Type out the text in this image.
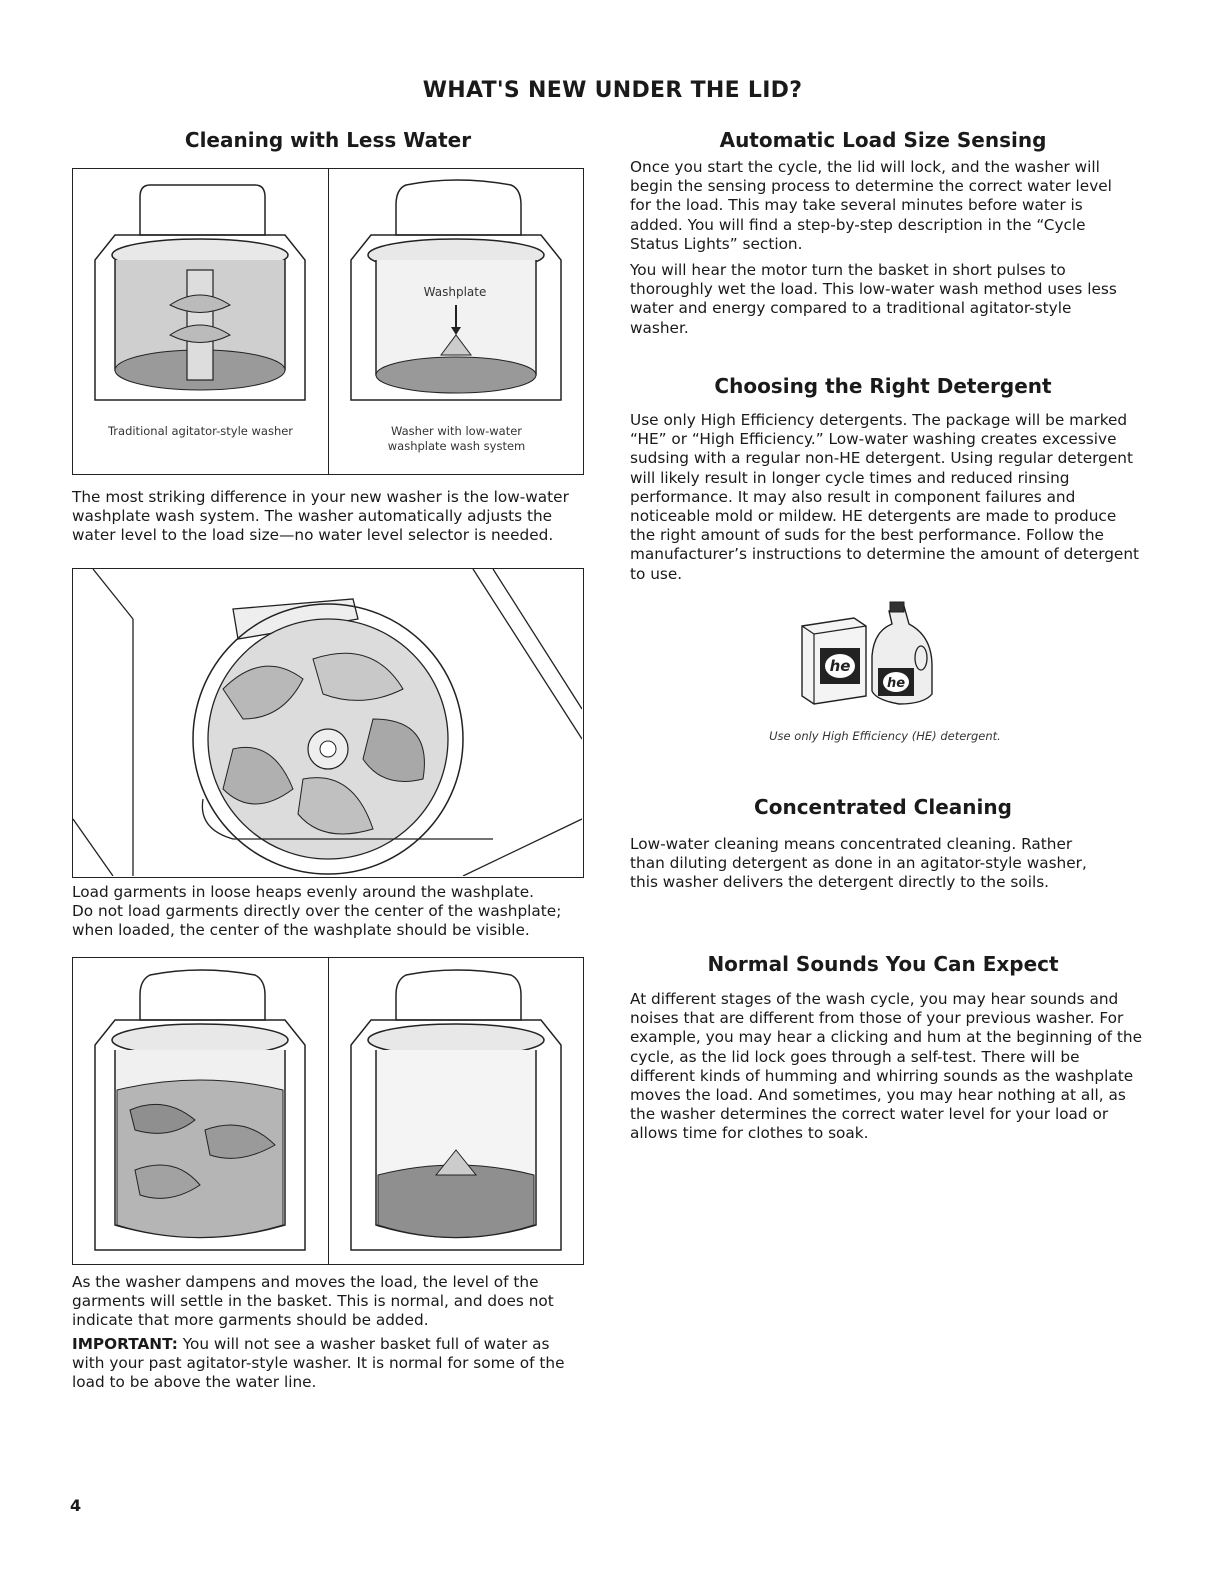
WHAT'S NEW UNDER THE LID?
Cleaning with Less Water
Washplate
Traditional agitator-style washer	Washer with low-water
washplate wash system

The most striking difference in your new washer is the low-water washplate wash system. The washer automatically adjusts the water level to the load size—no water level selector is needed.

Load garments in loose heaps evenly around the washplate.
Do not load garments directly over the center of the washplate; when loaded, the center of the washplate should be visible.

As the washer dampens and moves the load, the level of the garments will settle in the basket. This is normal, and does not indicate that more garments should be added.

IMPORTANT: You will not see a washer basket full of water as with your past agitator-style washer. It is normal for some of the load to be above the water line.

Automatic Load Size Sensing

Once you start the cycle, the lid will lock, and the washer will begin the sensing process to determine the correct water level for the load. This may take several minutes before water is added. You will find a step-by-step description in the “Cycle Status Lights” section.

You will hear the motor turn the basket in short pulses to thoroughly wet the load. This low-water wash method uses less water and energy compared to a traditional agitator-style washer.

Choosing the Right Detergent

Use only High Efficiency detergents. The package will be marked “HE” or “High Efficiency.” Low-water washing creates excessive sudsing with a regular non-HE detergent. Using regular detergent will likely result in longer cycle times and reduced rinsing performance. It may also result in component failures and noticeable mold or mildew. HE detergents are made to produce the right amount of suds for the best performance. Follow the manufacturer’s instructions to determine the amount of detergent to use.

he
he
Use only High Efficiency (HE) detergent.
Concentrated Cleaning

Low-water cleaning means concentrated cleaning. Rather than diluting detergent as done in an agitator-style washer, this washer delivers the detergent directly to the soils.

Normal Sounds You Can Expect

At different stages of the wash cycle, you may hear sounds and noises that are different from those of your previous washer. For example, you may hear a clicking and hum at the beginning of the cycle, as the lid lock goes through a self-test. There will be different kinds of humming and whirring sounds as the washplate moves the load. And sometimes, you may hear nothing at all, as the washer determines the correct water level for your load or allows time for clothes to soak.

4
